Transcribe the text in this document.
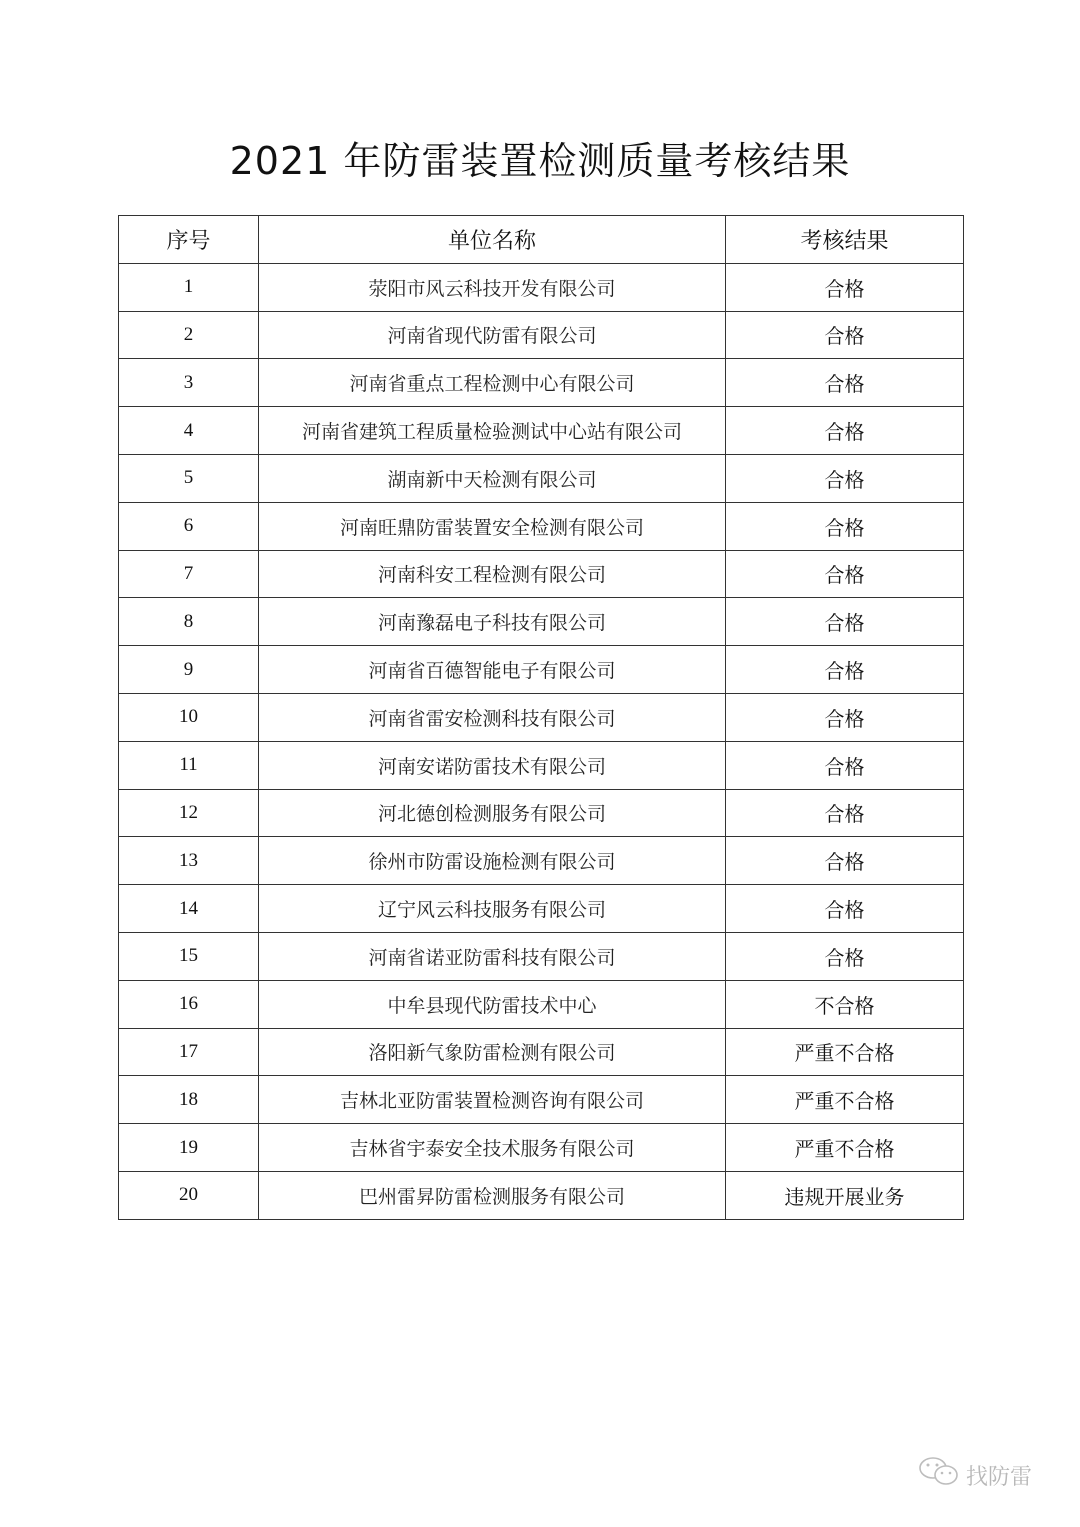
2021 年防雷装置检测质量考核结果
序号	单位名称	考核结果
1	荥阳市风云科技开发有限公司	合格
2	河南省现代防雷有限公司	合格
3	河南省重点工程检测中心有限公司	合格
4	河南省建筑工程质量检验测试中心站有限公司	合格
5	湖南新中天检测有限公司	合格
6	河南旺鼎防雷装置安全检测有限公司	合格
7	河南科安工程检测有限公司	合格
8	河南豫磊电子科技有限公司	合格
9	河南省百德智能电子有限公司	合格
10	河南省雷安检测科技有限公司	合格
11	河南安诺防雷技术有限公司	合格
12	河北德创检测服务有限公司	合格
13	徐州市防雷设施检测有限公司	合格
14	辽宁风云科技服务有限公司	合格
15	河南省诺亚防雷科技有限公司	合格
16	中牟县现代防雷技术中心	不合格
17	洛阳新气象防雷检测有限公司	严重不合格
18	吉林北亚防雷装置检测咨询有限公司	严重不合格
19	吉林省宇泰安全技术服务有限公司	严重不合格
20	巴州雷昇防雷检测服务有限公司	违规开展业务
找防雷
